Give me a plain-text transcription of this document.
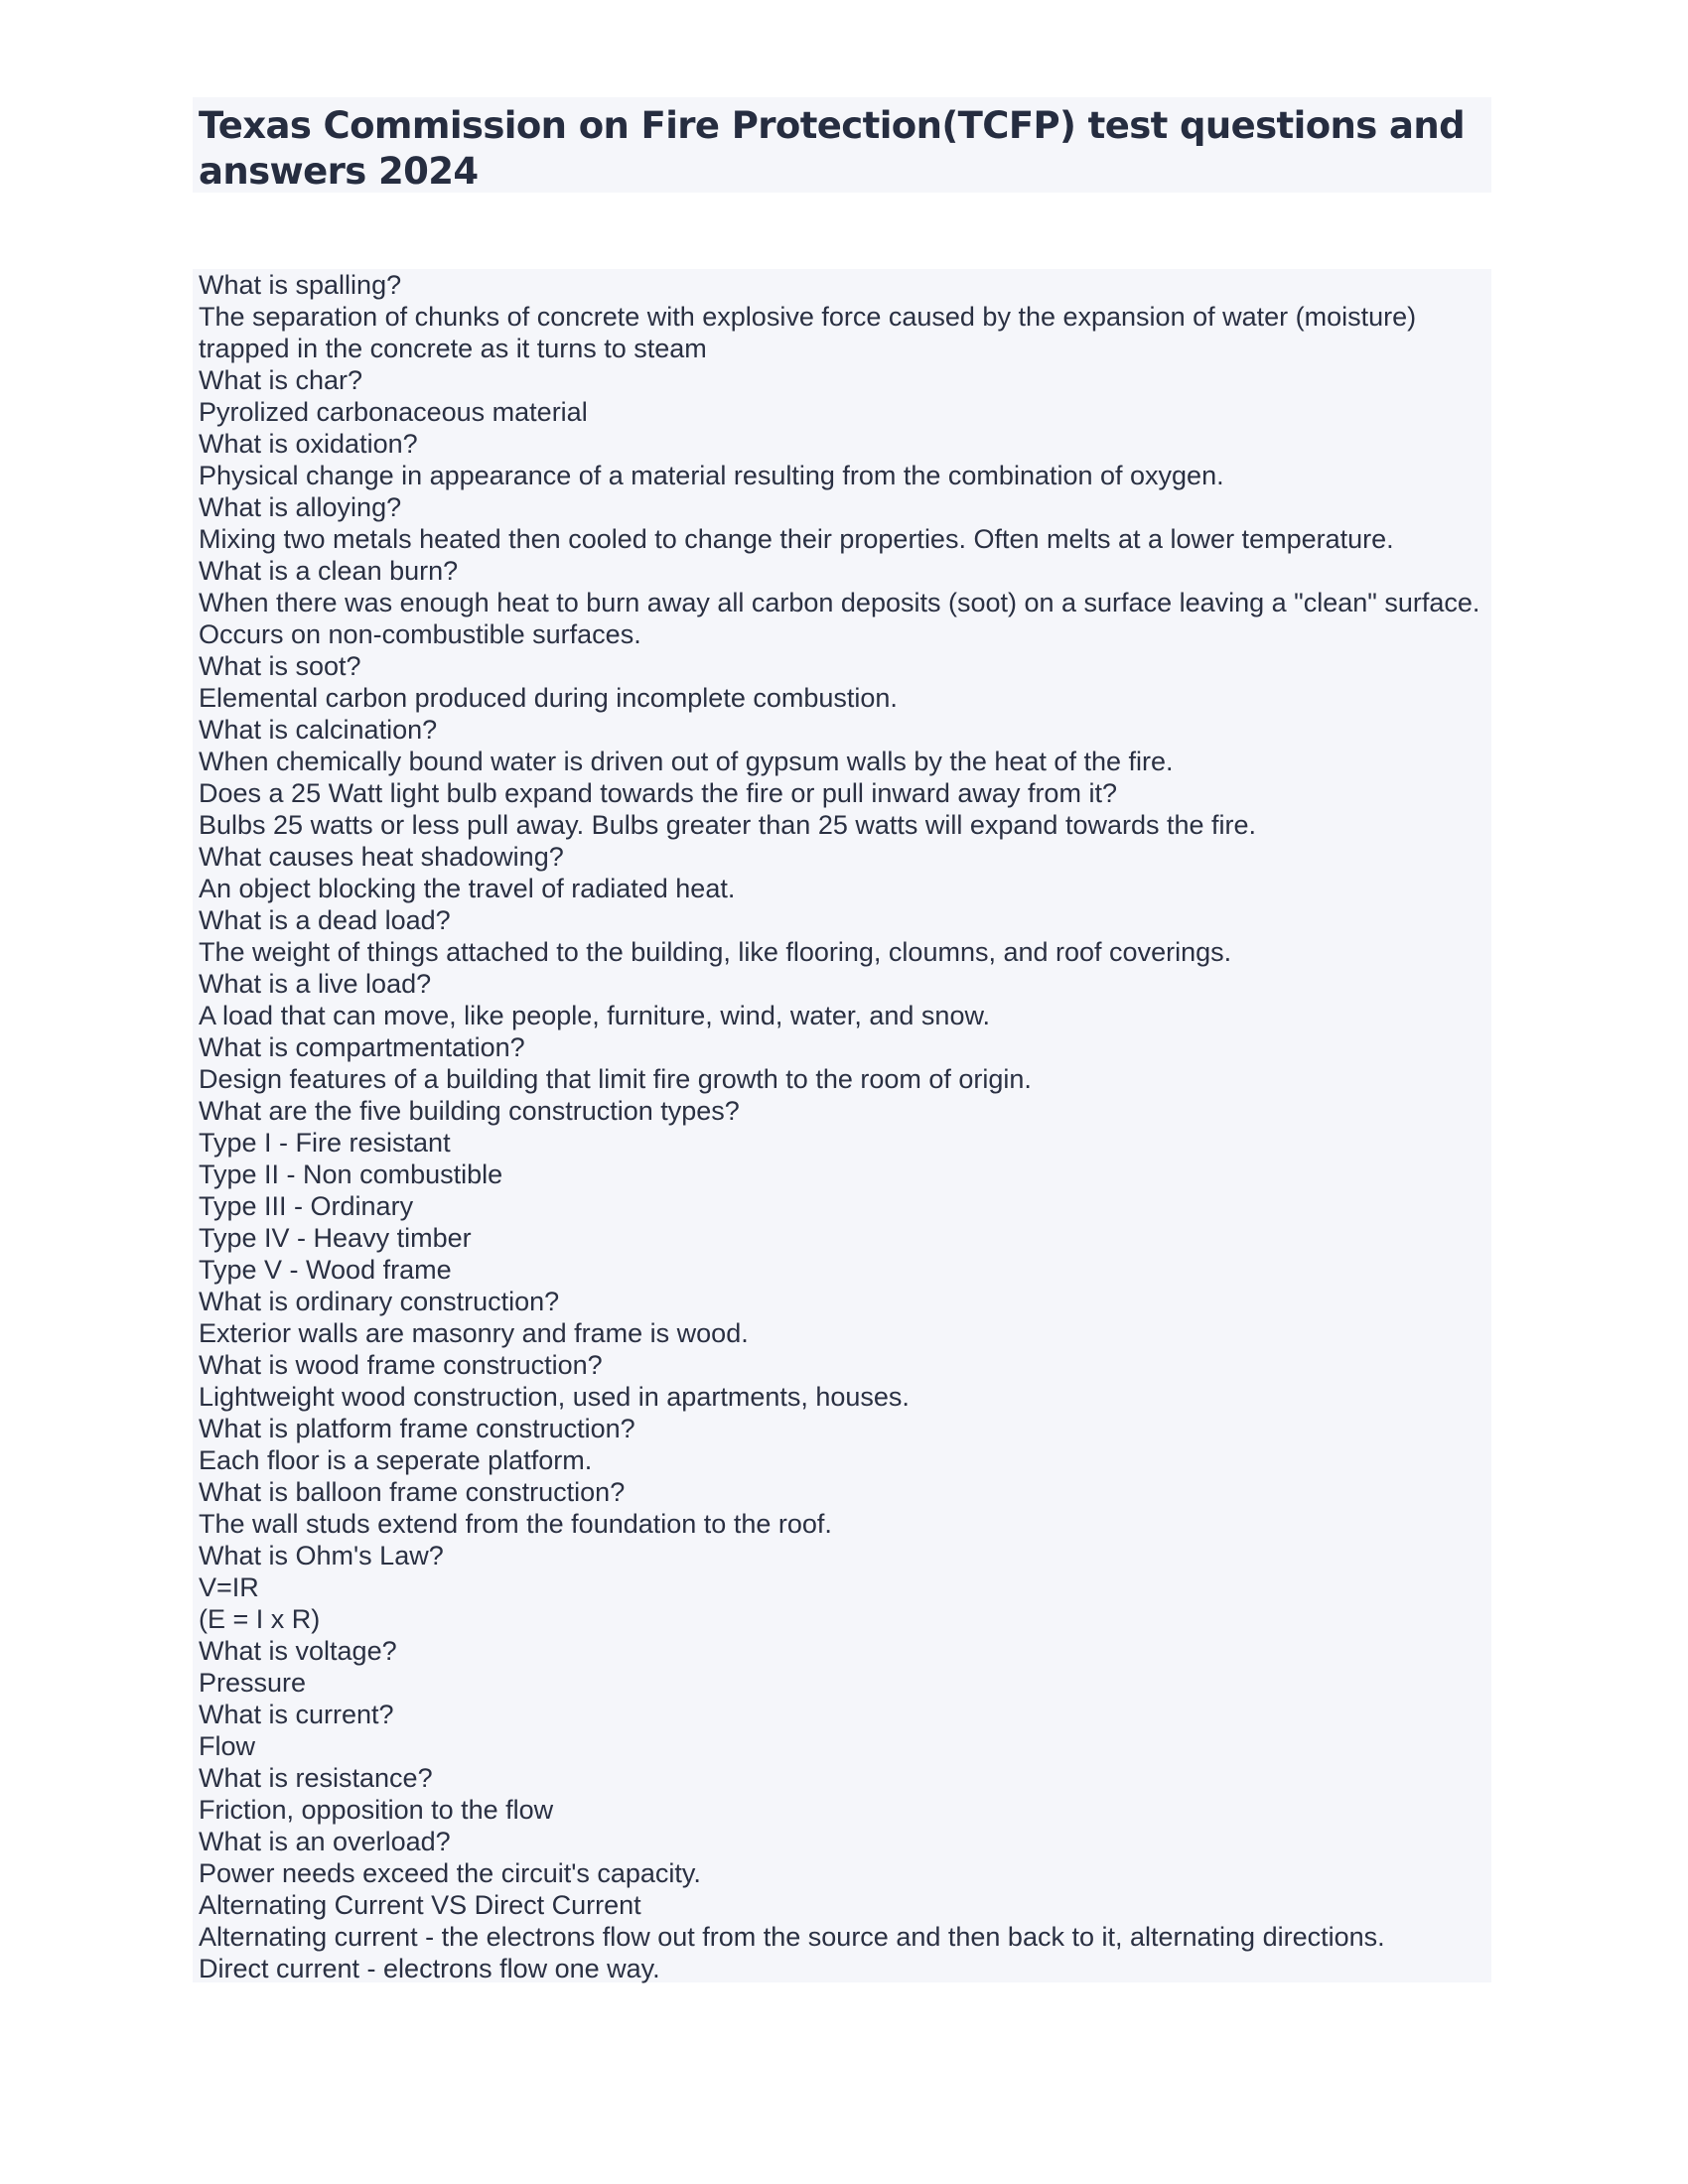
Texas Commission on Fire Protection(TCFP) test questions and answers 2024
What is spalling?
The separation of chunks of concrete with explosive force caused by the expansion of water (moisture) trapped in the concrete as it turns to steam
What is char?
Pyrolized carbonaceous material
What is oxidation?
Physical change in appearance of a material resulting from the combination of oxygen.
What is alloying?
Mixing two metals heated then cooled to change their properties. Often melts at a lower temperature.
What is a clean burn?
When there was enough heat to burn away all carbon deposits (soot) on a surface leaving a "clean" surface. Occurs on non-combustible surfaces.
What is soot?
Elemental carbon produced during incomplete combustion.
What is calcination?
When chemically bound water is driven out of gypsum walls by the heat of the fire.
Does a 25 Watt light bulb expand towards the fire or pull inward away from it?
Bulbs 25 watts or less pull away. Bulbs greater than 25 watts will expand towards the fire.
What causes heat shadowing?
An object blocking the travel of radiated heat.
What is a dead load?
The weight of things attached to the building, like flooring, cloumns, and roof coverings.
What is a live load?
A load that can move, like people, furniture, wind, water, and snow.
What is compartmentation?
Design features of a building that limit fire growth to the room of origin.
What are the five building construction types?
Type I - Fire resistant
Type II - Non combustible
Type III - Ordinary
Type IV - Heavy timber
Type V - Wood frame
What is ordinary construction?
Exterior walls are masonry and frame is wood.
What is wood frame construction?
Lightweight wood construction, used in apartments, houses.
What is platform frame construction?
Each floor is a seperate platform.
What is balloon frame construction?
The wall studs extend from the foundation to the roof.
What is Ohm's Law?
V=IR
(E = I x R)
What is voltage?
Pressure
What is current?
Flow
What is resistance?
Friction, opposition to the flow
What is an overload?
Power needs exceed the circuit's capacity.
Alternating Current VS Direct Current
Alternating current - the electrons flow out from the source and then back to it, alternating directions.
Direct current - electrons flow one way.
